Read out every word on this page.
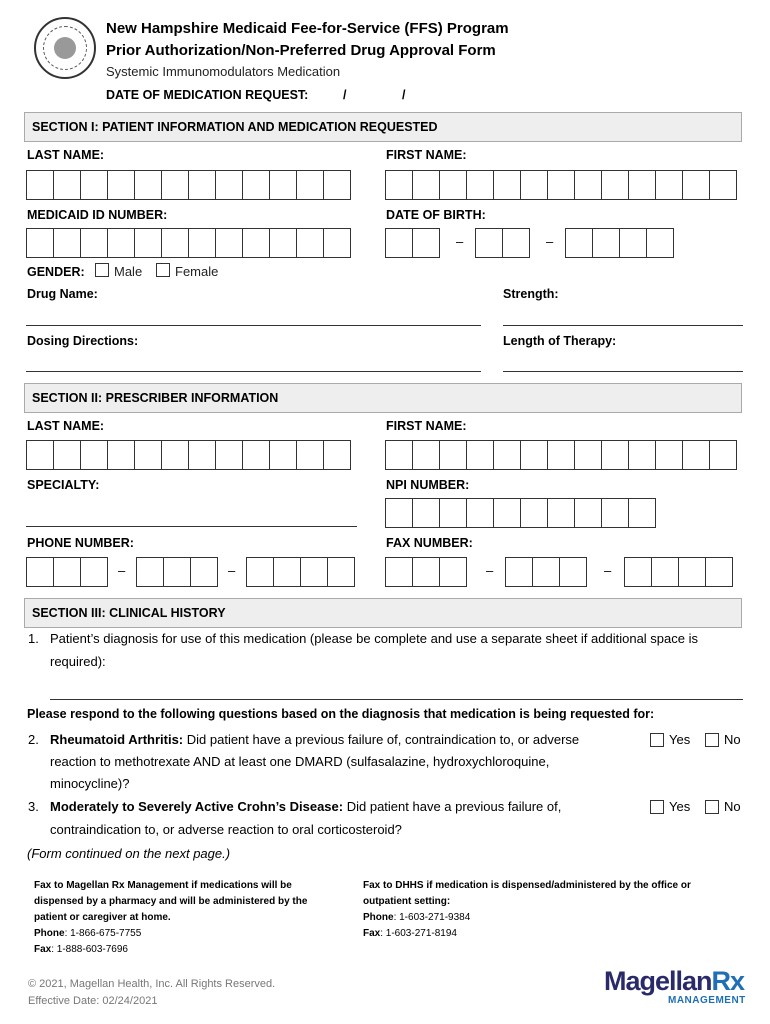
New Hampshire Medicaid Fee-for-Service (FFS) Program
Prior Authorization/Non-Preferred Drug Approval Form
Systemic Immunomodulators Medication
DATE OF MEDICATION REQUEST:	/	/
SECTION I: PATIENT INFORMATION AND MEDICATION REQUESTED
LAST NAME:	FIRST NAME:
MEDICAID ID NUMBER:	DATE OF BIRTH:
–	–
GENDER: Male	Female
Drug Name:	Strength:
Dosing Directions:	Length of Therapy:
SECTION II: PRESCRIBER INFORMATION
LAST NAME:	FIRST NAME:
SPECIALTY:	NPI NUMBER:
PHONE NUMBER:	FAX NUMBER:
–	–	–	–
SECTION III: CLINICAL HISTORY
1. Patient’s diagnosis for use of this medication (please be complete and use a separate sheet if additional space is
required):
Please respond to the following questions based on the diagnosis that medication is being requested for:
2. Rheumatoid Arthritis: Did patient have a previous failure of, contraindication to, or adverse
reaction to methotrexate AND at least one DMARD (sulfasalazine, hydroxychloroquine,
minocycline)?
Yes	No
3. Moderately to Severely Active Crohn’s Disease: Did patient have a previous failure of,
contraindication to, or adverse reaction to oral corticosteroid?
Yes	No
(Form continued on the next page.)
Fax to Magellan Rx Management if medications will be
dispensed by a pharmacy and will be administered by the
patient or caregiver at home.
Phone: 1-866-675-7755
Fax: 1-888-603-7696
Fax to DHHS if medication is dispensed/administered by the office or
outpatient setting:
Phone: 1-603-271-9384
Fax: 1-603-271-8194
© 2021, Magellan Health, Inc. All Rights Reserved.
Effective Date: 02/24/2021
MagellanRx
MANAGEMENT
